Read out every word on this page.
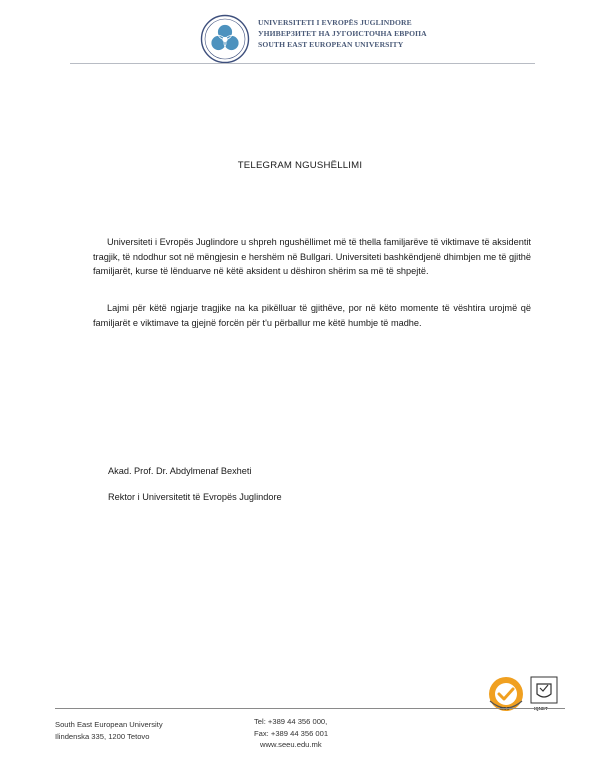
UNIVERSITETI I EVROPËS JUGLINDORE
УНИВЕРЗИТЕТ НА ЈУГОИСТОЧНА ЕВРОПА
SOUTH EAST EUROPEAN UNIVERSITY
TELEGRAM NGUSHËLLIMI
Universiteti i Evropës Juglindore u shpreh ngushëllimet më të thella familjarëve të viktimave të aksidentit tragjik, të ndodhur sot në mëngjesin e hershëm në Bullgari. Universiteti bashkëndjenë dhimbjen me të gjithë familjarët, kurse të lënduarve në këtë aksident u dëshiron shërim sa më të shpejtë.
Lajmi për këtë ngjarje tragjike na ka pikëlluar të gjithëve, por në këto momente të vështira urojmë që familjarët e viktimave ta gjejnë forcën për t'u përballur me këtë humbje të madhe.
Akad. Prof. Dr. Abdylmenaf Bexheti
Rektor i Universitetit të Evropës Juglindore
South East European University
Ilindenska 335, 1200 Tetovo
Tel: +389 44 356 000,
Fax: +389 44 356 001
www.seeu.edu.mk
